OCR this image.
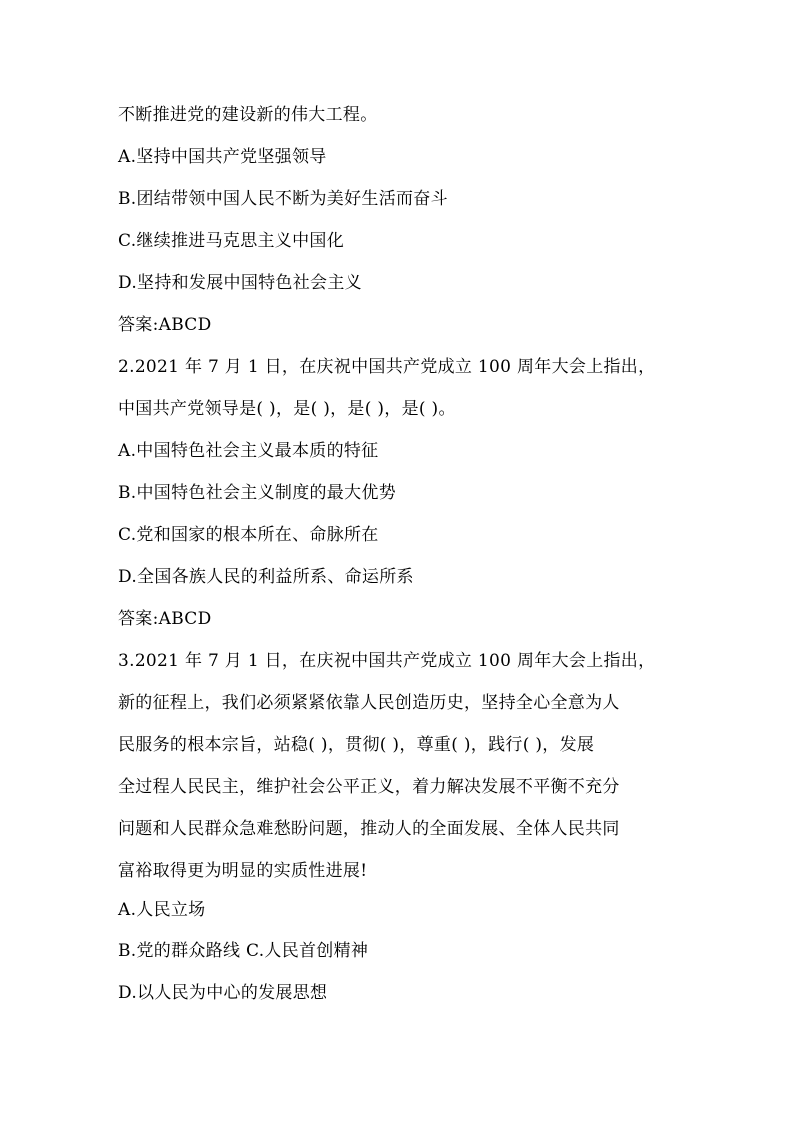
不断推进党的建设新的伟大工程。
A.坚持中国共产党坚强领导
B.团结带领中国人民不断为美好生活而奋斗
C.继续推进马克思主义中国化
D.坚持和发展中国特色社会主义
答案:ABCD
2.2021 年 7 月 1 日，在庆祝中国共产党成立 100 周年大会上指出，
中国共产党领导是( )，是( )，是( )，是( )。
A.中国特色社会主义最本质的特征
B.中国特色社会主义制度的最大优势
C.党和国家的根本所在、命脉所在
D.全国各族人民的利益所系、命运所系
答案:ABCD
3.2021 年 7 月 1 日，在庆祝中国共产党成立 100 周年大会上指出，
新的征程上，我们必须紧紧依靠人民创造历史，坚持全心全意为人
民服务的根本宗旨，站稳( )，贯彻( )，尊重( )，践行( )，发展
全过程人民民主，维护社会公平正义，着力解决发展不平衡不充分
问题和人民群众急难愁盼问题，推动人的全面发展、全体人民共同
富裕取得更为明显的实质性进展!
A.人民立场
B.党的群众路线 C.人民首创精神
D.以人民为中心的发展思想
